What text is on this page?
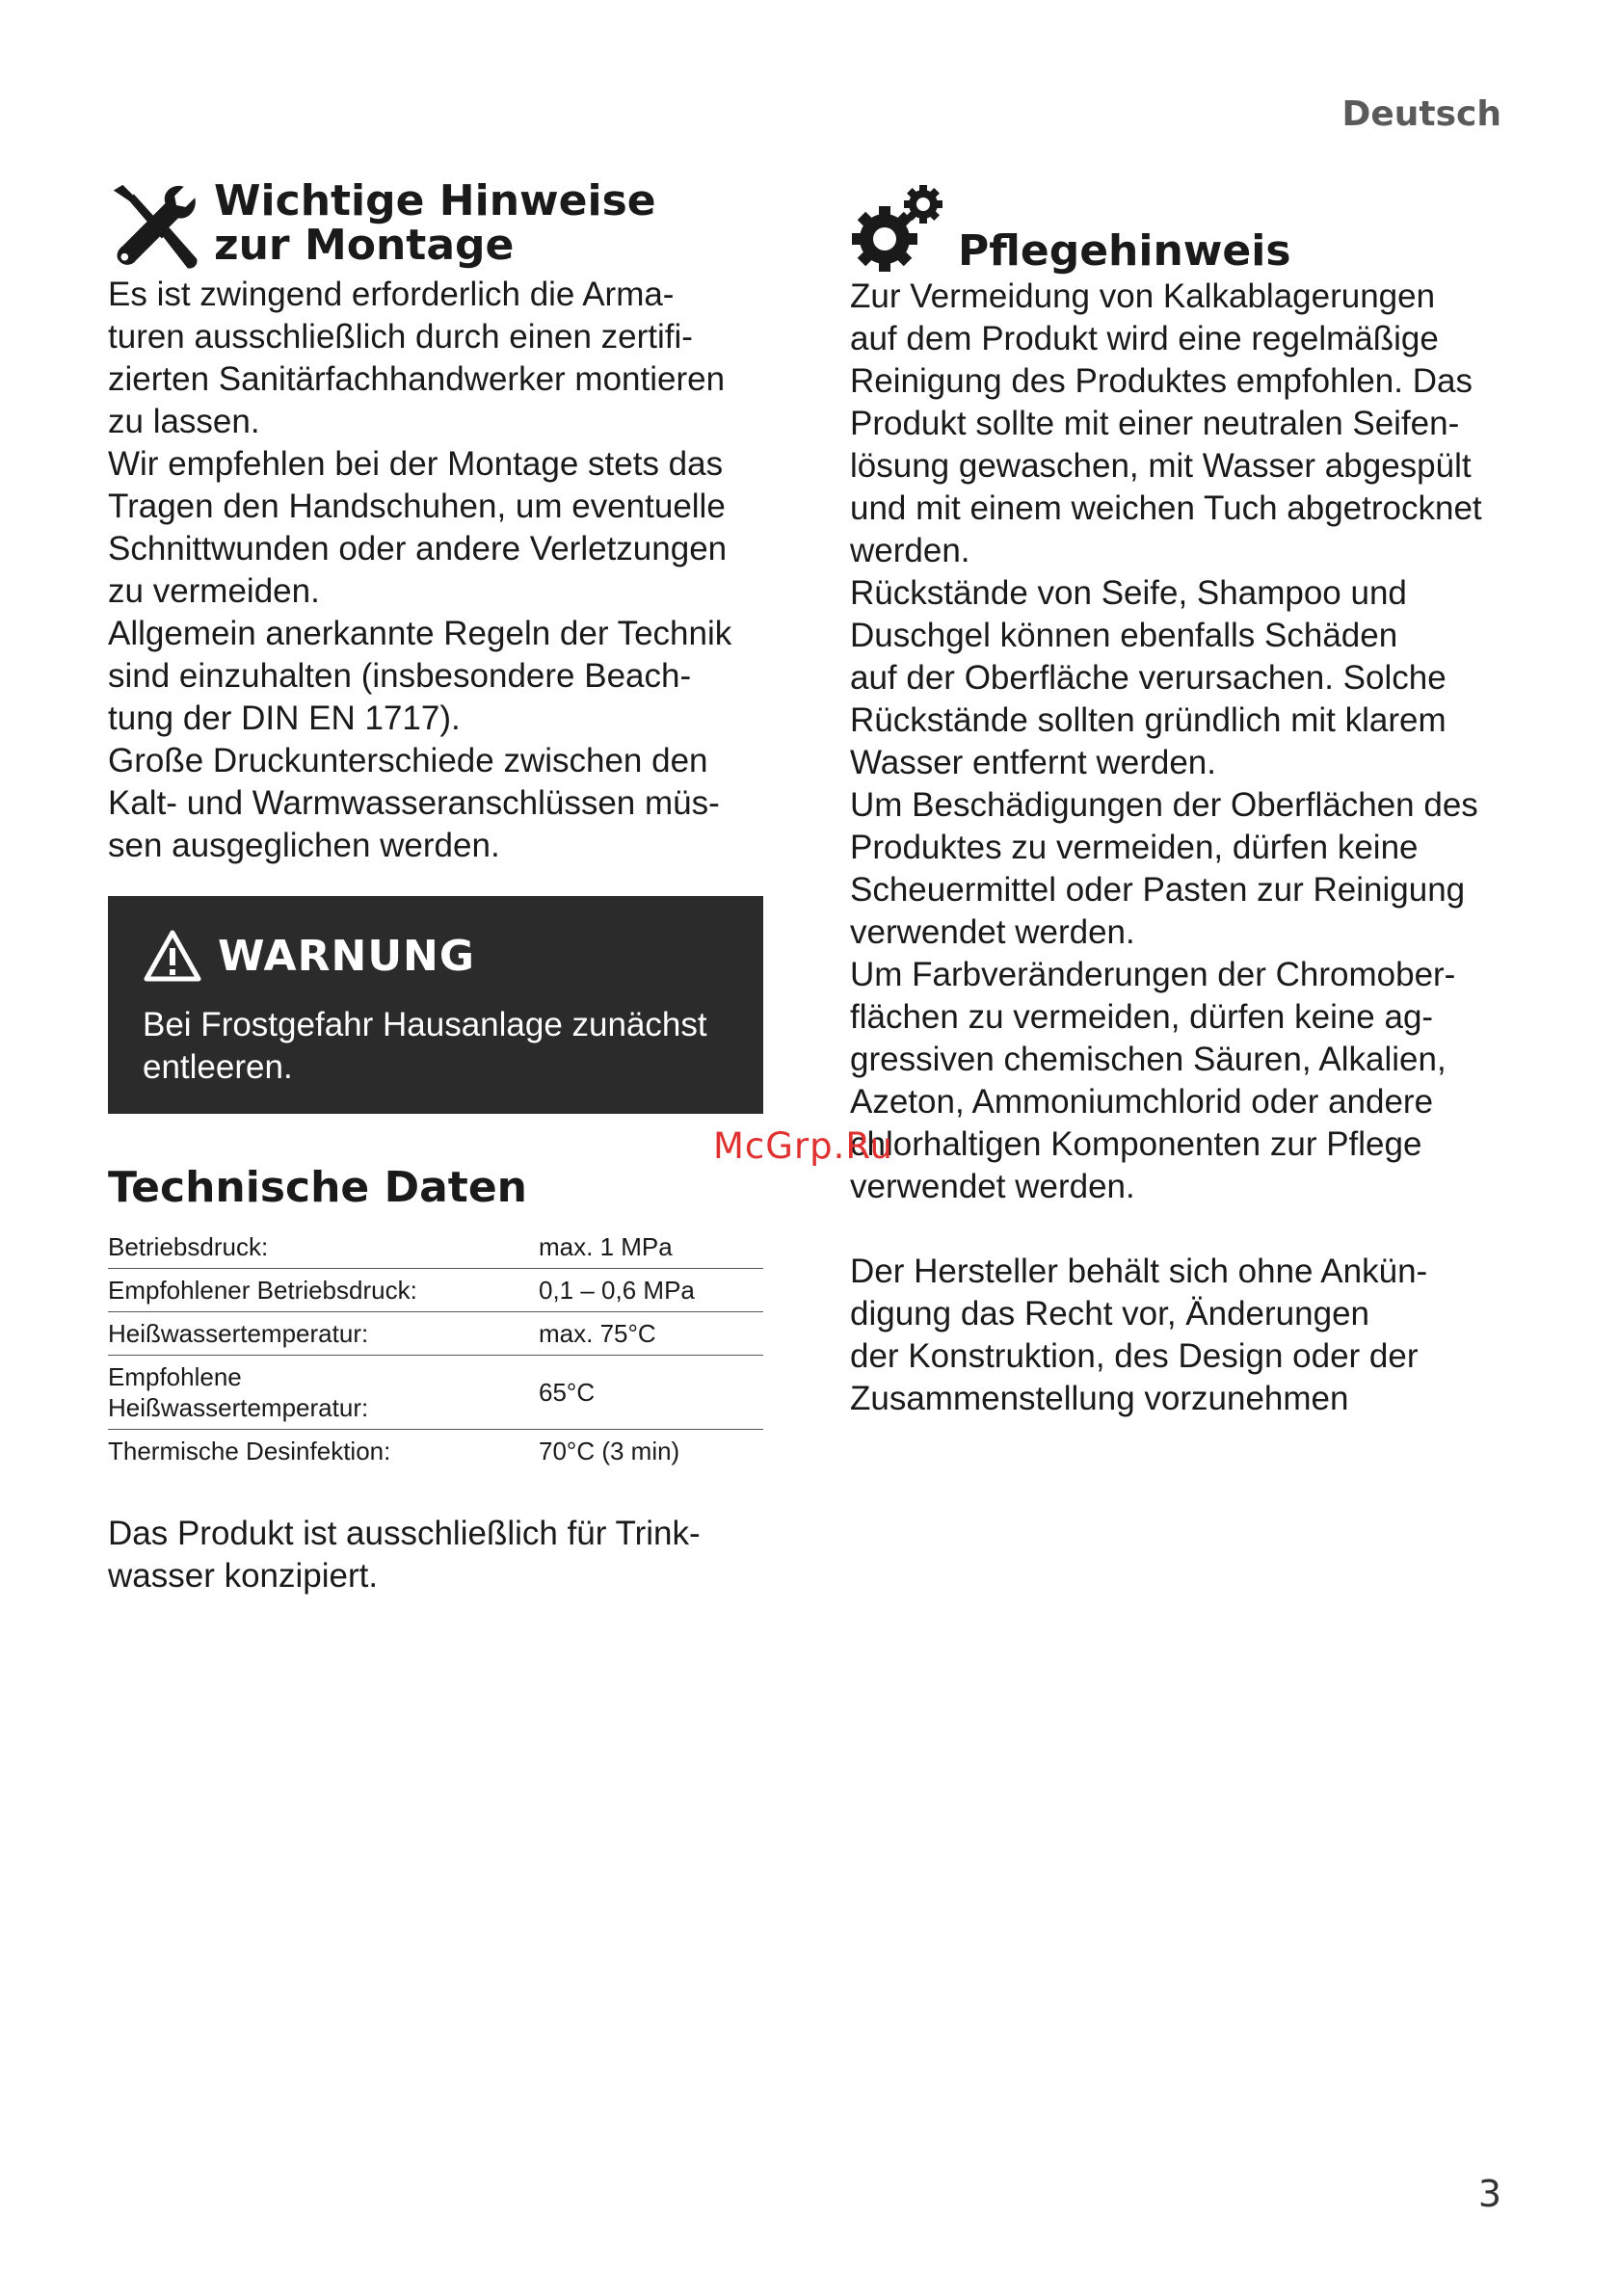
Deutsch
Wichtige Hinweise
zur Montage
Es ist zwingend erforderlich die Arma-
turen ausschließlich durch einen zertifi-
zierten Sanitärfachhandwerker montieren
zu lassen.
Wir empfehlen bei der Montage stets das
Tragen den Handschuhen, um eventuelle
Schnittwunden oder andere Verletzungen
zu vermeiden.
Allgemein anerkannte Regeln der Technik
sind einzuhalten (insbesondere Beach-
tung der DIN EN 1717).
Große Druckunterschiede zwischen den
Kalt- und Warmwasseranschlüssen müs-
sen ausgeglichen werden.
WARNUNG
Bei Frostgefahr Hausanlage zunächst
entleeren.
Technische Daten
Betriebsdruck:	max. 1 MPa
Empfohlener Betriebsdruck:	0,1 – 0,6 MPa
Heißwassertemperatur:	max. 75°C

Empfohlene
Heißwassertemperatur:	65°C
Thermische Desinfektion:	70°C (3 min)
Das Produkt ist ausschließlich für Trink-
wasser konzipiert.
Pflegehinweis
Zur Vermeidung von Kalkablagerungen
auf dem Produkt wird eine regelmäßige
Reinigung des Produktes empfohlen. Das
Produkt sollte mit einer neutralen Seifen-
lösung gewaschen, mit Wasser abgespült
und mit einem weichen Tuch abgetrocknet
werden.
Rückstände von Seife, Shampoo und
Duschgel können ebenfalls Schäden
auf der Oberfläche verursachen. Solche
Rückstände sollten gründlich mit klarem
Wasser entfernt werden.
Um Beschädigungen der Oberflächen des
Produktes zu vermeiden, dürfen keine
Scheuermittel oder Pasten zur Reinigung
verwendet werden.
Um Farbveränderungen der Chromober-
flächen zu vermeiden, dürfen keine ag-
gressiven chemischen Säuren, Alkalien,
Azeton, Ammoniumchlorid oder andere
chlorhaltigen Komponenten zur Pflege
verwendet werden.
Der Hersteller behält sich ohne Ankün-
digung das Recht vor, Änderungen
der Konstruktion, des Design oder der
Zusammenstellung vorzunehmen
McGrp.Ru
3
